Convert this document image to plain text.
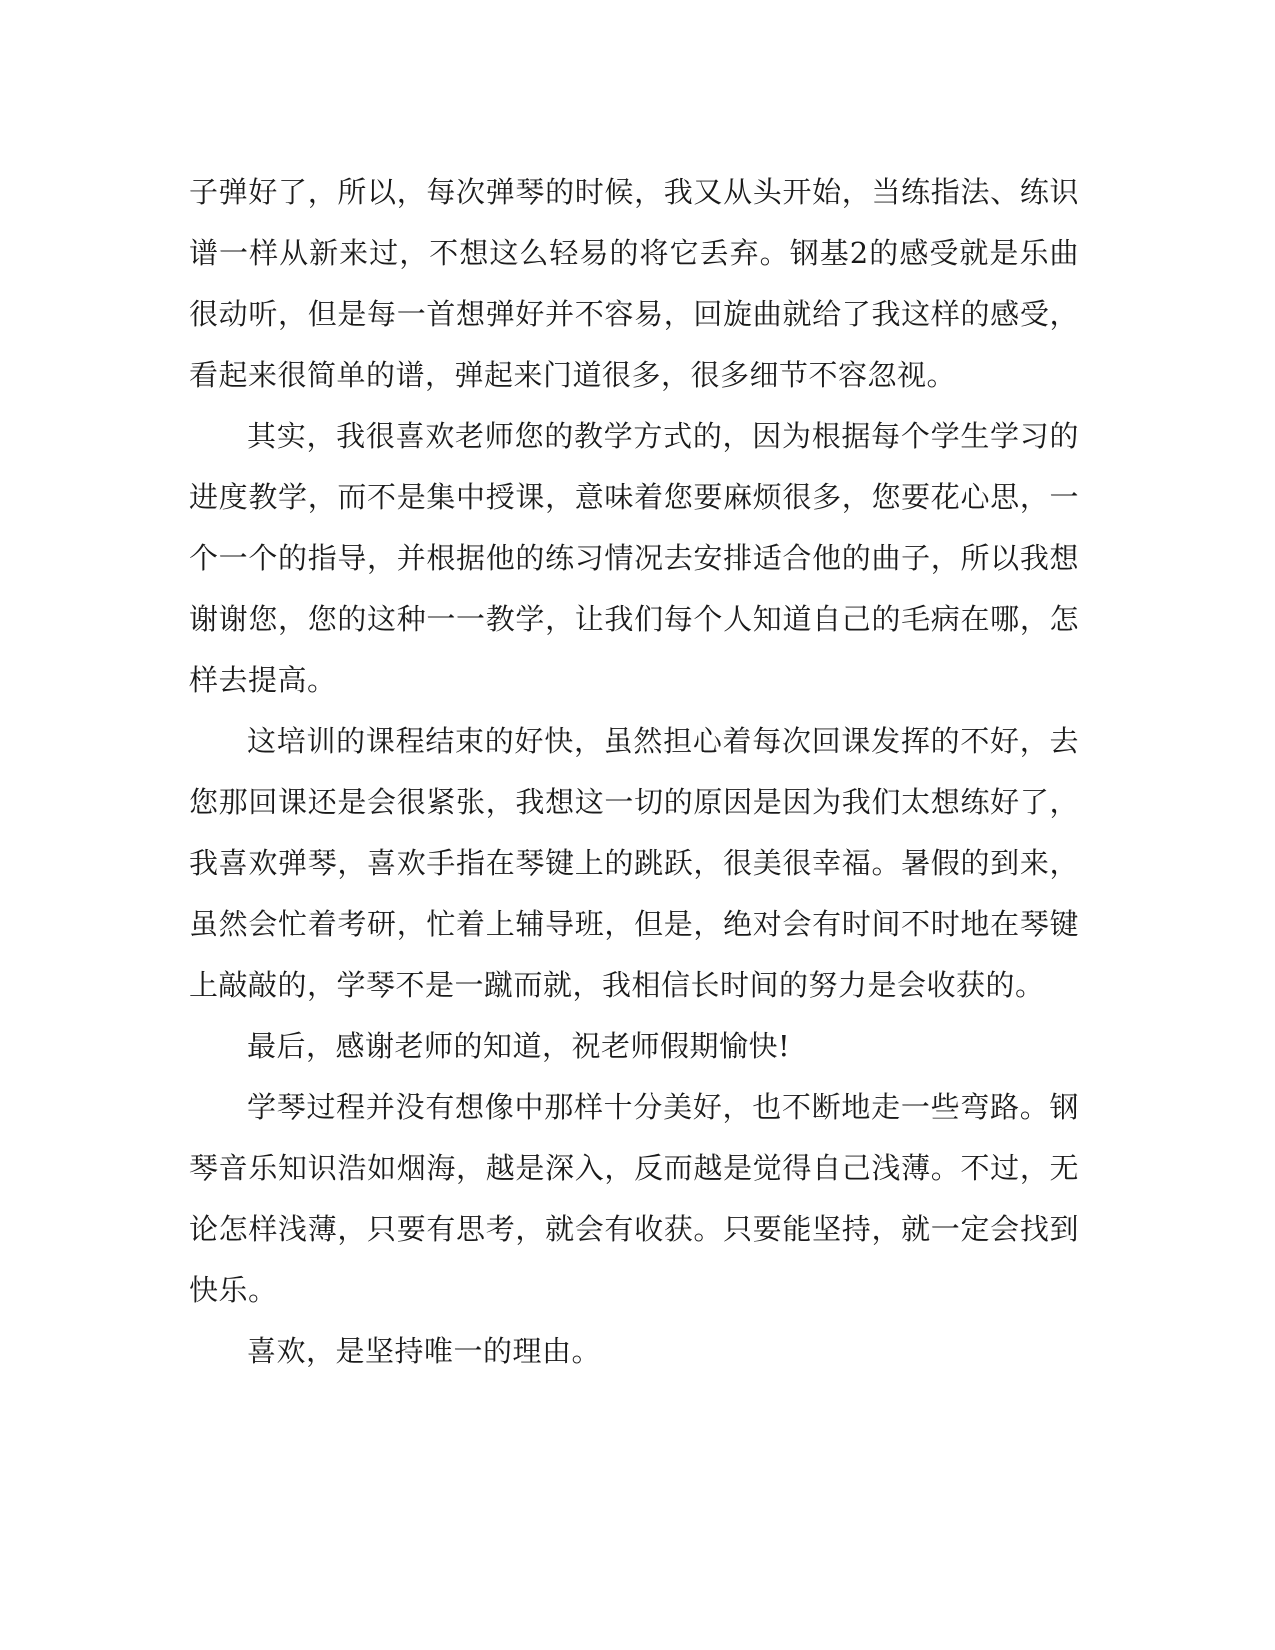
子弹好了，所以，每次弹琴的时候，我又从头开始，当练指法、练识谱一样从新来过，不想这么轻易的将它丢弃。钢基2的感受就是乐曲很动听，但是每一首想弹好并不容易，回旋曲就给了我这样的感受，看起来很简单的谱，弹起来门道很多，很多细节不容忽视。

其实，我很喜欢老师您的教学方式的，因为根据每个学生学习的进度教学，而不是集中授课，意味着您要麻烦很多，您要花心思，一个一个的指导，并根据他的练习情况去安排适合他的曲子，所以我想谢谢您，您的这种一一教学，让我们每个人知道自己的毛病在哪，怎样去提高。

这培训的课程结束的好快，虽然担心着每次回课发挥的不好，去您那回课还是会很紧张，我想这一切的原因是因为我们太想练好了，我喜欢弹琴，喜欢手指在琴键上的跳跃，很美很幸福。暑假的到来，虽然会忙着考研，忙着上辅导班，但是，绝对会有时间不时地在琴键上敲敲的，学琴不是一蹴而就，我相信长时间的努力是会收获的。

最后，感谢老师的知道，祝老师假期愉快!

学琴过程并没有想像中那样十分美好，也不断地走一些弯路。钢琴音乐知识浩如烟海，越是深入，反而越是觉得自己浅薄。不过，无论怎样浅薄，只要有思考，就会有收获。只要能坚持，就一定会找到快乐。

喜欢，是坚持唯一的理由。
